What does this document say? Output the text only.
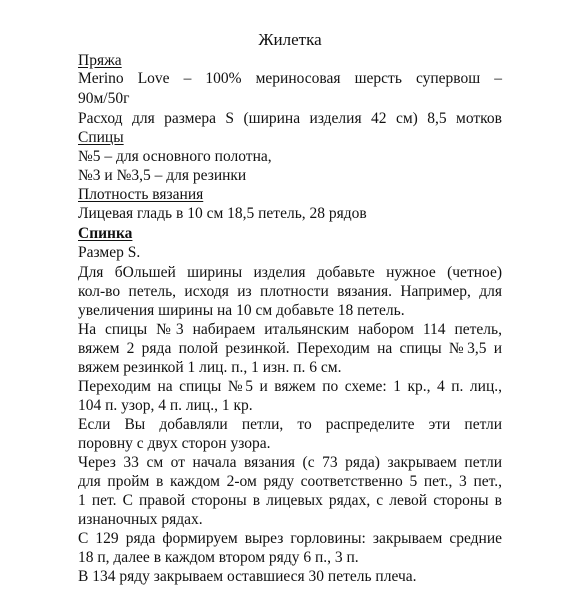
Жилетка
Пряжа
Merino Love – 100% мериносовая шерсть супервош –
90м/50г
Расход для размера S (ширина изделия 42 см) 8,5 мотков
Спицы
№5 – для основного полотна,
№3 и №3,5 – для резинки
Плотность вязания
Лицевая гладь в 10 см 18,5 петель, 28 рядов
Спинка
Размер S.
Для бОльшей ширины изделия добавьте нужное (четное)
кол-во петель, исходя из плотности вязания. Например, для
увеличения ширины на 10 см добавьте 18 петель.
На спицы №3 набираем итальянским набором 114 петель,
вяжем 2 ряда полой резинкой. Переходим на спицы №3,5 и
вяжем резинкой 1 лиц. п., 1 изн. п. 6 см.
Переходим на спицы №5 и вяжем по схеме: 1 кр., 4 п. лиц.,
104 п. узор, 4 п. лиц., 1 кр.
Если Вы добавляли петли, то распределите эти петли
поровну с двух сторон узора.
Через 33 см от начала вязания (с 73 ряда) закрываем петли
для пройм в каждом 2-ом ряду соответственно 5 пет., 3 пет.,
1 пет. С правой стороны в лицевых рядах, с левой стороны в
изнаночных рядах.
С 129 ряда формируем вырез горловины: закрываем средние
18 п, далее в каждом втором ряду 6 п., 3 п.
В 134 ряду закрываем оставшиеся 30 петель плеча.
